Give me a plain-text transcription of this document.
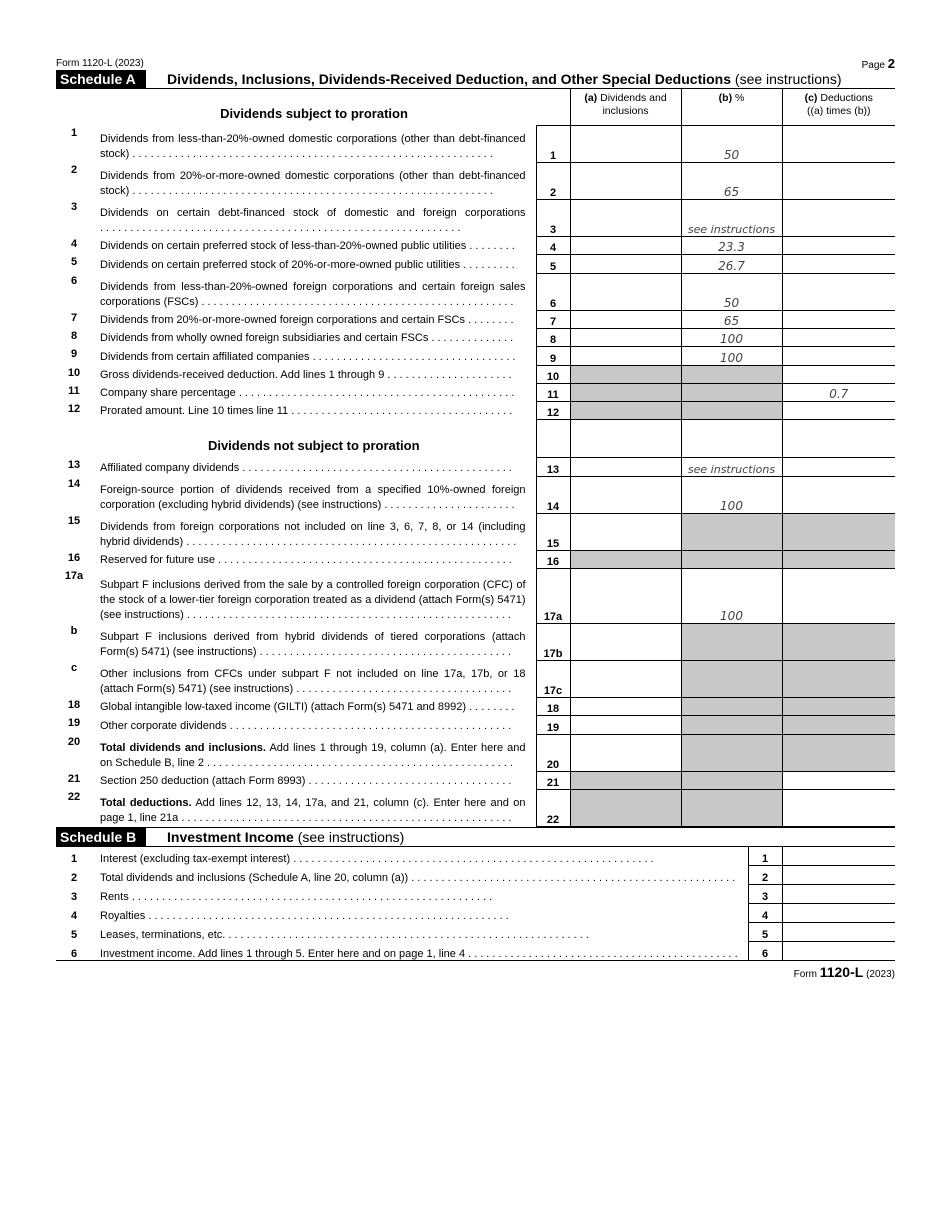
Form 1120-L (2023)	Page 2
Schedule A	Dividends, Inclusions, Dividends-Received Deduction, and Other Special Deductions (see instructions)
	Dividends subject to proration		(a) Dividends and inclusions	(b) %	(c) Deductions
((a) times (b))
1	Dividends from less-than-20%-owned domestic corporations (other than debt-financed stock) ............................................................	1		50	
2	Dividends from 20%-or-more-owned domestic corporations (other than debt-financed stock) ............................................................	2		65	
3	Dividends on certain debt-financed stock of domestic and foreign corporations ............................................................	3		see instructions	
4	Dividends on certain preferred stock of less-than-20%-owned public utilities ........	4		23.3	
5	Dividends on certain preferred stock of 20%-or-more-owned public utilities .........	5		26.7	
6	Dividends from less-than-20%-owned foreign corporations and certain foreign sales corporations (FSCs) ....................................................	6		50	
7	Dividends from 20%-or-more-owned foreign corporations and certain FSCs ........	7		65	
8	Dividends from wholly owned foreign subsidiaries and certain FSCs ..............	8		100	
9	Dividends from certain affiliated companies ..................................	9		100	
10	Gross dividends-received deduction. Add lines 1 through 9 .....................	10			
11	Company share percentage ..............................................	11			0.7
12	Prorated amount. Line 10 times line 11 .....................................	12			
	Dividends not subject to proration				
13	Affiliated company dividends .............................................	13		see instructions	
14	Foreign-source portion of dividends received from a specified 10%-owned foreign corporation (excluding hybrid dividends) (see instructions) ......................	14		100	
15	Dividends from foreign corporations not included on line 3, 6, 7, 8, or 14 (including hybrid dividends) .......................................................	15			
16	Reserved for future use .................................................	16			
17a	Subpart F inclusions derived from the sale by a controlled foreign corporation (CFC) of the stock of a lower-tier foreign corporation treated as a dividend (attach Form(s) 5471) (see instructions) ......................................................	17a		100	
b	Subpart F inclusions derived from hybrid dividends of tiered corporations (attach Form(s) 5471) (see instructions) ..........................................	17b			
c	Other inclusions from CFCs under subpart F not included on line 17a, 17b, or 18 (attach Form(s) 5471) (see instructions) ....................................	17c			
18	Global intangible low-taxed income (GILTI) (attach Form(s) 5471 and 8992) ........	18			
19	Other corporate dividends ...............................................	19			
20	Total dividends and inclusions. Add lines 1 through 19, column (a). Enter here and on Schedule B, line 2 ...................................................	20			
21	Section 250 deduction (attach Form 8993) ..................................	21			
22	Total deductions. Add lines 12, 13, 14, 17a, and 21, column (c). Enter here and on page 1, line 21a .......................................................	22			
Schedule B	Investment Income (see instructions)
1	Interest (excluding tax-exempt interest) ............................................................	1	
2	Total dividends and inclusions (Schedule A, line 20, column (a)) ......................................................	2	
3	Rents ............................................................	3	
4	Royalties ............................................................	4	
5	Leases, terminations, etc. ............................................................	5	
6	Investment income. Add lines 1 through 5. Enter here and on page 1, line 4 .............................................	6	
Form 1120-L (2023)
